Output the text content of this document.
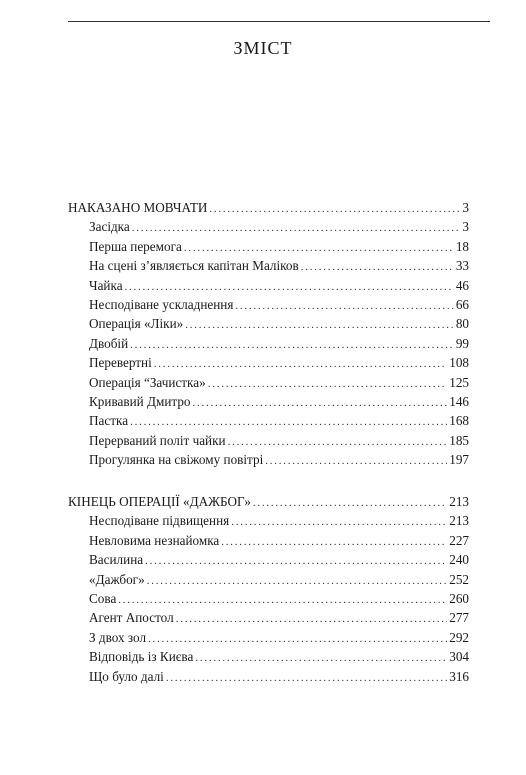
ЗМІСТ
НАКАЗАНО МОВЧАТИ . . .	3
Засідка . . .	3
Перша перемога . . .	18
На сцені з’являється капітан Маліков . . .	33
Чайка . . .	46
Несподіване ускладнення . . .	66
Операція «Ліки» . . .	80
Двобій . . .	99
Перевертні . . .	108
Операція “Зачистка» . . .	125
Кривавий Дмитро . . .	146
Пастка . . .	168
Перерваний політ чайки . . .	185
Прогулянка на свіжому повітрі . . .	197
КІНЕЦЬ ОПЕРАЦІЇ «ДАЖБОГ» . . .	213
Несподіване підвищення . . .	213
Невловима незнайомка . . .	227
Василина . . .	240
«Дажбог» . . .	252
Сова . . .	260
Агент Апостол . . .	277
З двох зол . . .	292
Відповідь із Києва . . .	304
Що було далі . . .	316
